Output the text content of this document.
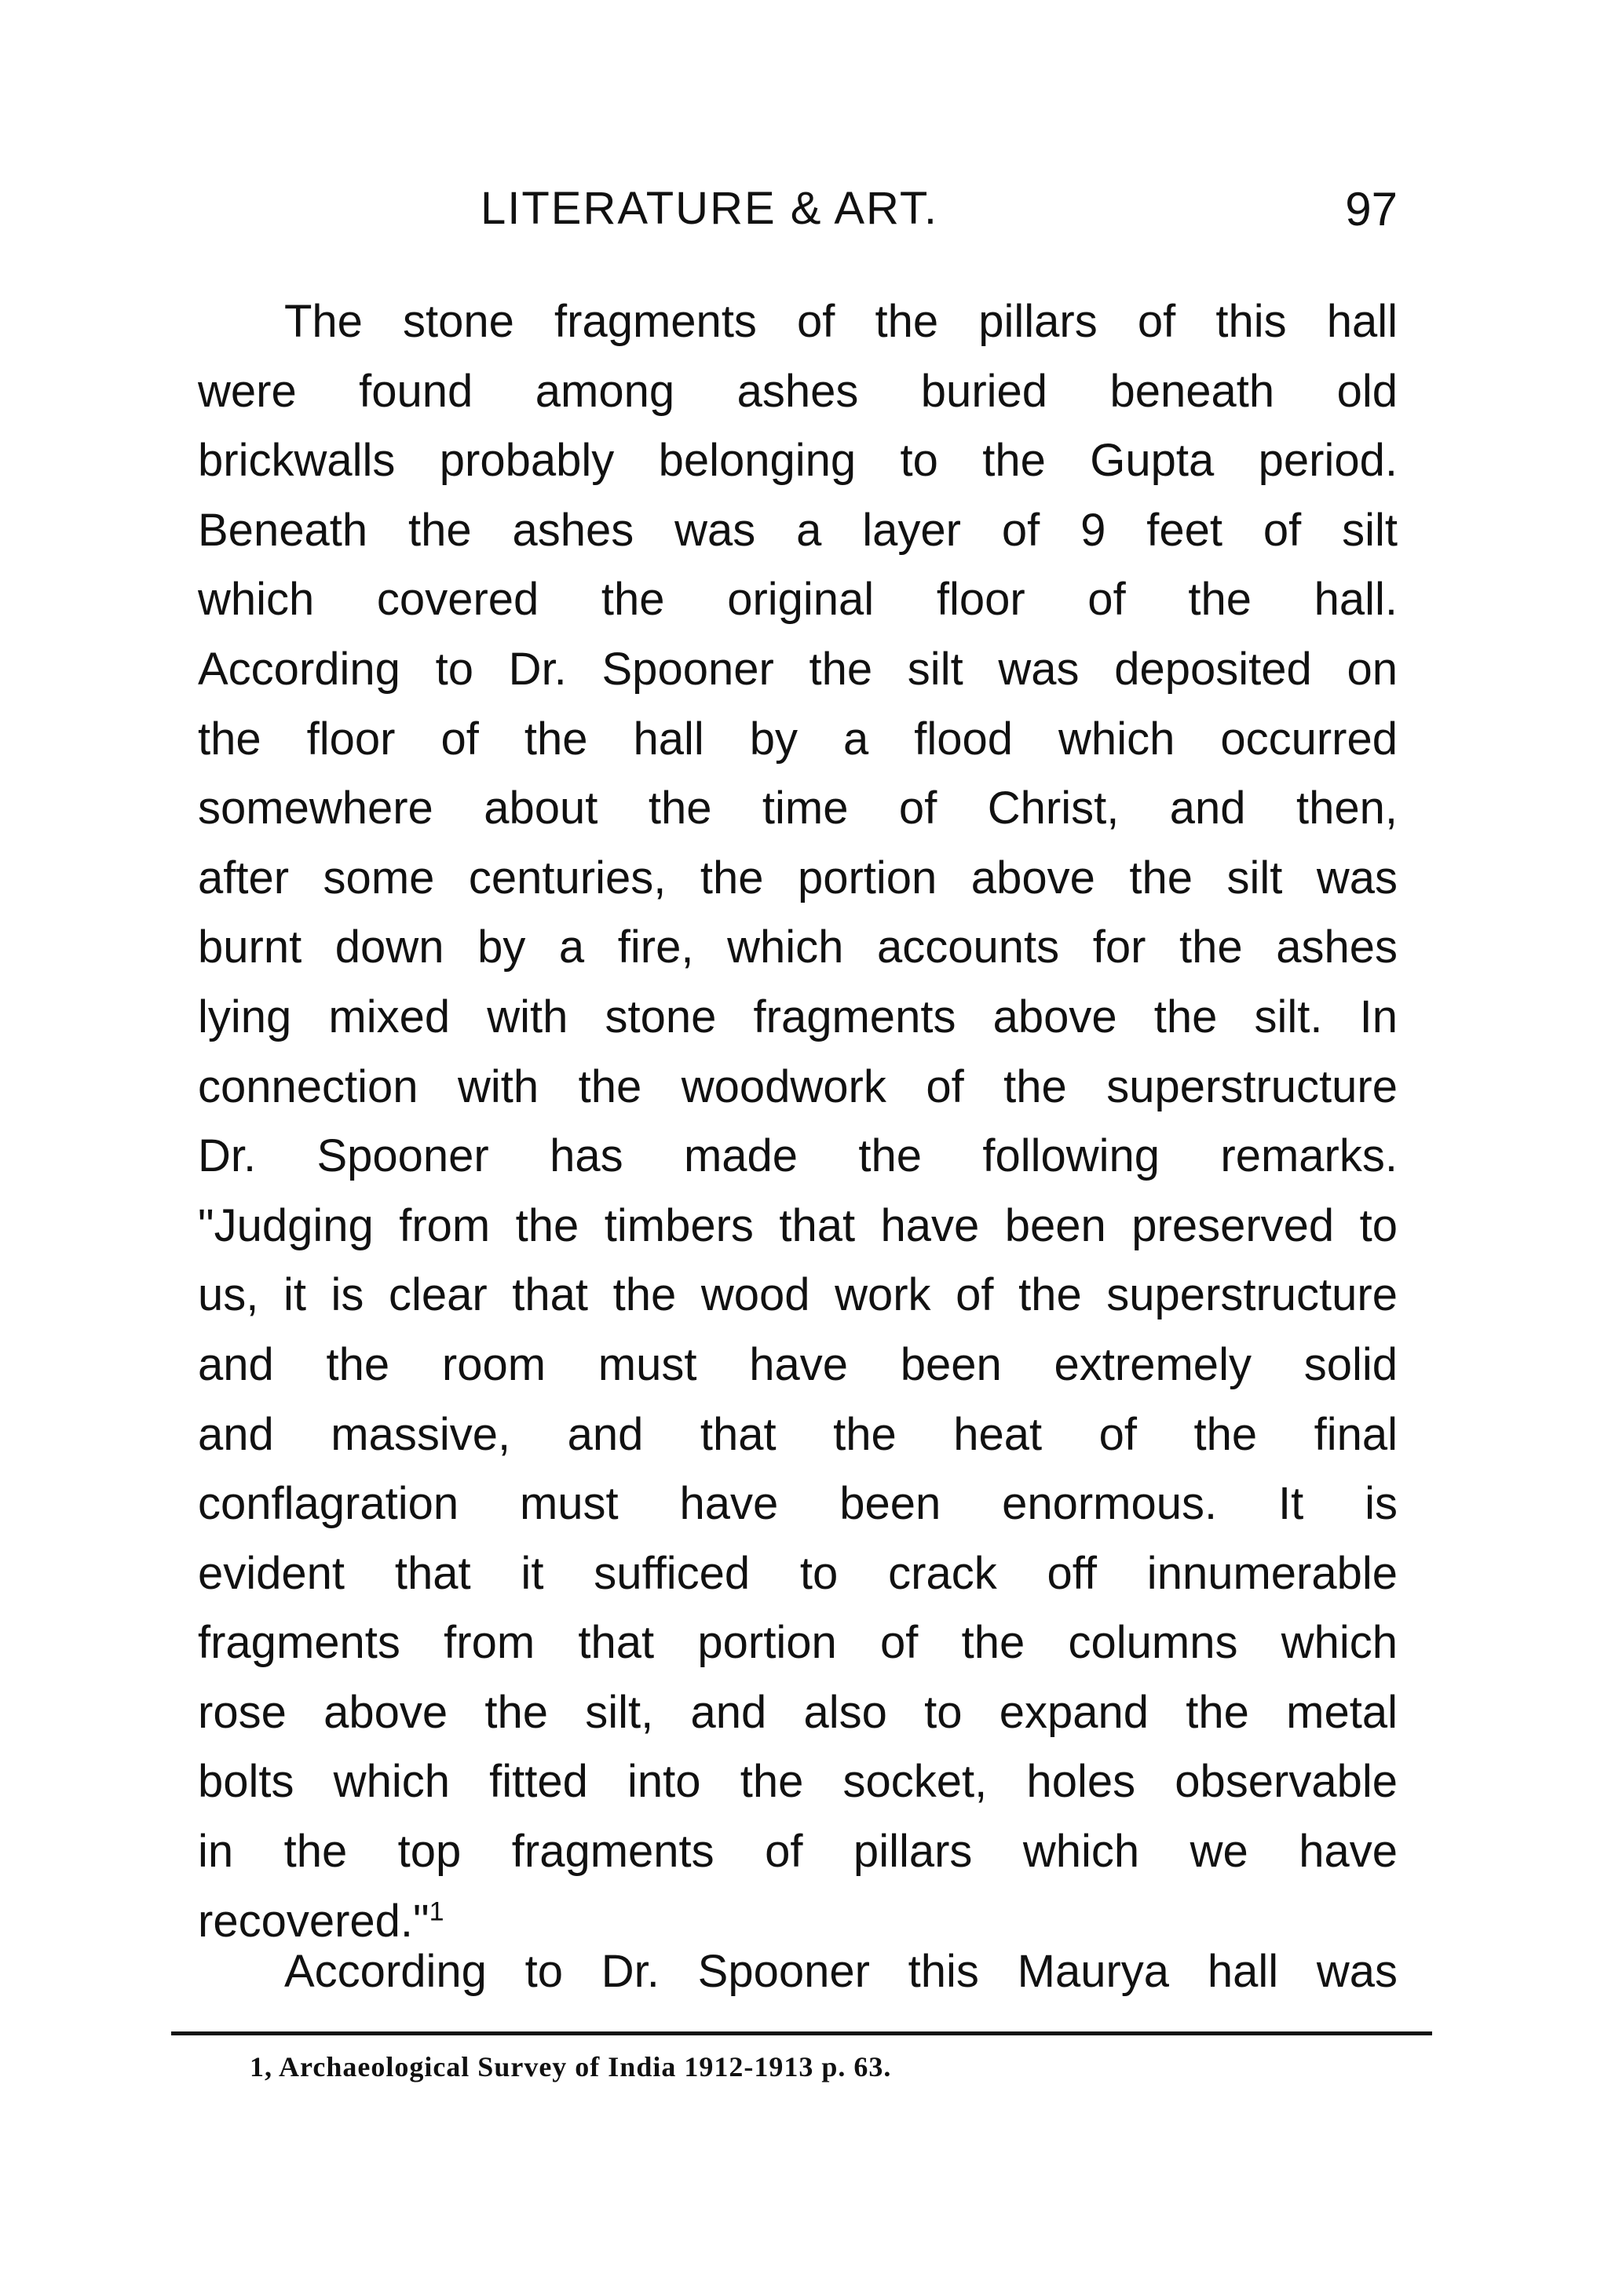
LITERATURE & ART.	97
The stone fragments of the pillars of this hall
were found among ashes buried beneath old
brickwalls probably belonging to the Gupta period.
Beneath the ashes was a layer of 9 feet of silt
which covered the original floor of the hall.
According to Dr. Spooner the silt was deposited on
the floor of the hall by a flood which occurred
somewhere about the time of Christ, and then,
after some centuries, the portion above the silt was
burnt down by a fire, which accounts for the ashes
lying mixed with stone fragments above the silt. In
connection with the woodwork of the superstructure
Dr. Spooner has made the following remarks.
"Judging from the timbers that have been preserved to
us, it is clear that the wood work of the superstructure
and the room must have been extremely solid
and massive, and that the heat of the final
conflagration must have been enormous. It is
evident that it sufficed to crack off innumerable
fragments from that portion of the columns which
rose above the silt, and also to expand the metal
bolts which fitted into the socket, holes observable
in the top fragments of pillars which we have
recovered."$^1$
According to Dr. Spooner this Maurya hall was
1, Archaeological Survey of India 1912-1913 p. 63.
